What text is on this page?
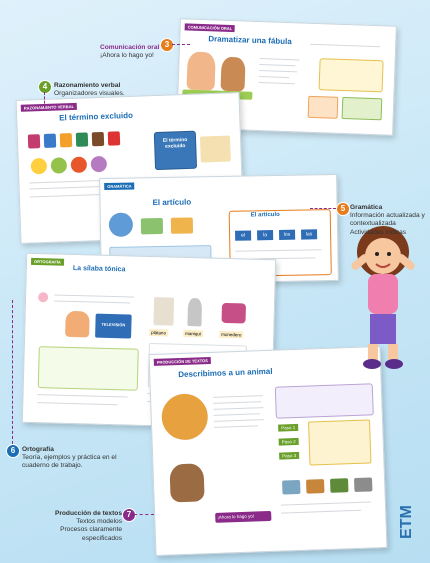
COMUNICACIÓN ORAL
Dramatizar una fábula
RAZONAMIENTO VERBAL
El término excluido
El término excluido
GRAMÁTICA
El artículo
El artículo
el	la	los	las
ORTOGRAFÍA
La sílaba tónica
TELEVISIÓN
plátano	maniquí	monedero
PRODUCCIÓN DE TEXTOS
Describimos a un animal
¡Ahora lo hago yo!
Paso 1
Paso 2
Paso 3
3
Comunicación oral
¡Ahora lo hago yo!
4	Razonamiento verbal
Organizadores visuales.
5 Gramática
Información actualizada y contextualizada Actividades lúdicas
6	Ortografía
Teoría, ejemplos y práctica en el cuaderno de trabajo.
7
Producción de textos
Textos modelos
Procesos claramente
especificados	ETM
